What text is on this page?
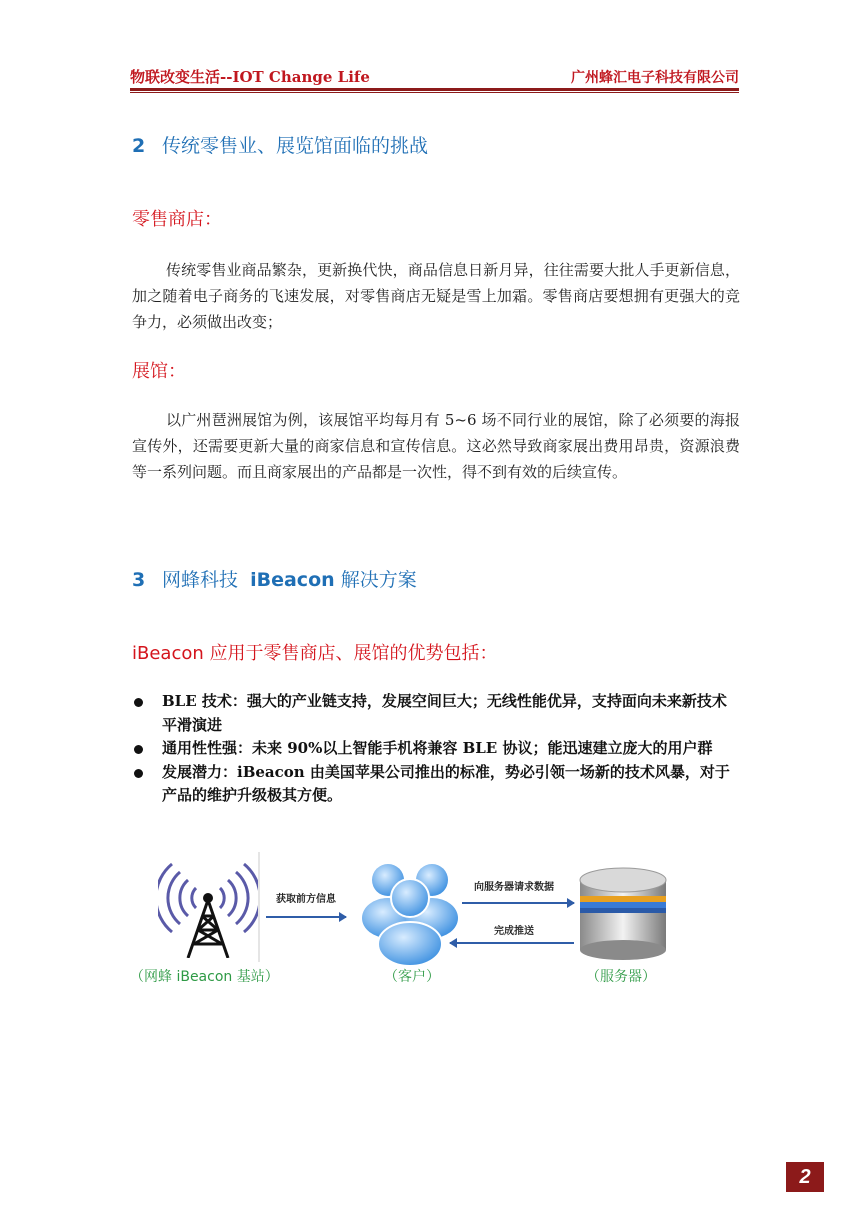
物联改变生活--IOT Change Life	广州蜂汇电子科技有限公司
2 传统零售业、展览馆面临的挑战
零售商店：

传统零售业商品繁杂，更新换代快，商品信息日新月异，往往需要大批人手更新信息，加之随着电子商务的飞速发展，对零售商店无疑是雪上加霜。零售商店要想拥有更强大的竞争力，必须做出改变；

展馆：

以广州琶洲展馆为例，该展馆平均每月有 5~6 场不同行业的展馆，除了必须要的海报宣传外，还需要更新大量的商家信息和宣传信息。这必然导致商家展出费用昂贵，资源浪费等一系列问题。而且商家展出的产品都是一次性，得不到有效的后续宣传。

3 网蜂科技 iBeacon 解决方案
iBeacon 应用于零售商店、展馆的优势包括：
BLE 技术：强大的产业链支持，发展空间巨大；无线性能优异，支持面向未来新技术平滑演进
通用性性强：未来 90%以上智能手机将兼容 BLE 协议；能迅速建立庞大的用户群
发展潜力：iBeacon 由美国苹果公司推出的标准，势必引领一场新的技术风暴，对于产品的维护升级极其方便。
获取前方信息
向服务器请求数据
完成推送
（网蜂 iBeacon 基站）	（客户）	（服务器）
2
